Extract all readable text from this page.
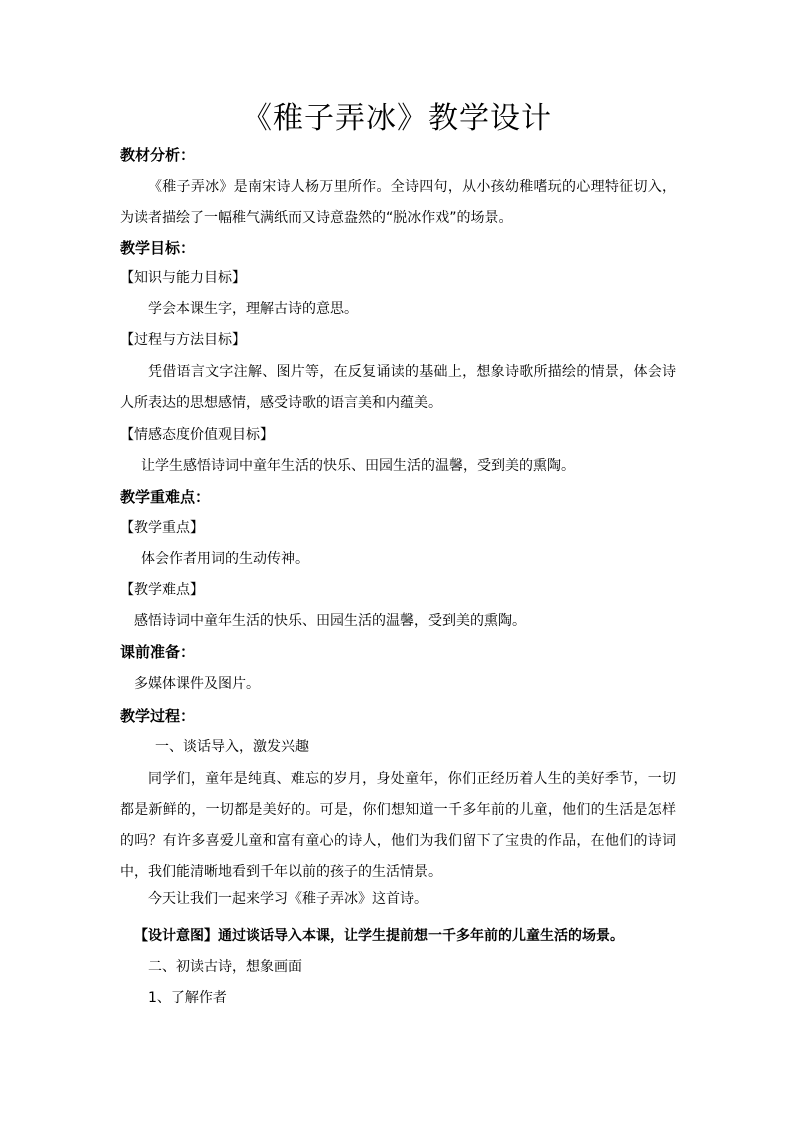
《稚子弄冰》教学设计
教材分析：
《稚子弄冰》是南宋诗人杨万里所作。全诗四句，从小孩幼稚嗜玩的心理特征切入，为读者描绘了一幅稚气满纸而又诗意盎然的“脱冰作戏”的场景。
教学目标：
【知识与能力目标】
学会本课生字，理解古诗的意思。
【过程与方法目标】
凭借语言文字注解、图片等，在反复诵读的基础上，想象诗歌所描绘的情景，体会诗人所表达的思想感情，感受诗歌的语言美和内蕴美。
【情感态度价值观目标】
让学生感悟诗词中童年生活的快乐、田园生活的温馨，受到美的熏陶。
教学重难点：
【教学重点】
体会作者用词的生动传神。
【教学难点】
感悟诗词中童年生活的快乐、田园生活的温馨，受到美的熏陶。
课前准备：
多媒体课件及图片。
教学过程：
一、谈话导入，激发兴趣
同学们，童年是纯真、难忘的岁月，身处童年，你们正经历着人生的美好季节，一切都是新鲜的，一切都是美好的。可是，你们想知道一千多年前的儿童，他们的生活是怎样的吗？有许多喜爱儿童和富有童心的诗人，他们为我们留下了宝贵的作品，在他们的诗词中，我们能清晰地看到千年以前的孩子的生活情景。
今天让我们一起来学习《稚子弄冰》这首诗。
【设计意图】通过谈话导入本课，让学生提前想一千多年前的儿童生活的场景。
二、初读古诗，想象画面
1、了解作者
